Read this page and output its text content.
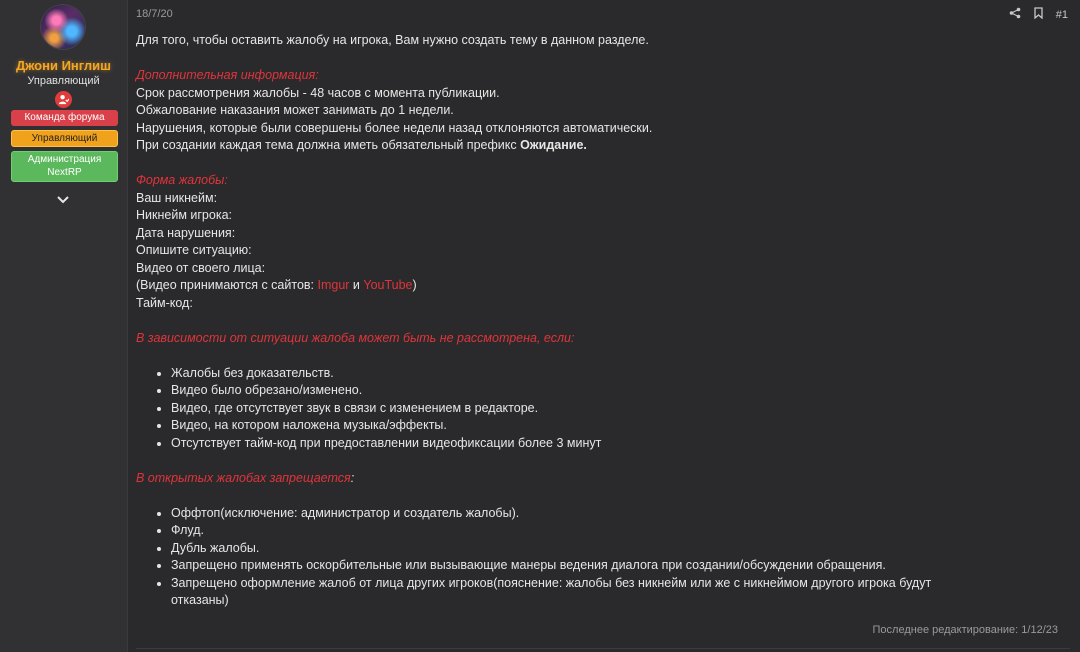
Джони Инглиш
Управляющий
Команда форума
Управляющий
Администрация NextRP
18/7/20	#1

Для того, чтобы оставить жалобу на игрока, Вам нужно создать тему в данном разделе.

Дополнительная информация:

Срок рассмотрения жалобы - 48 часов с момента публикации.

Обжалование наказания может занимать до 1 недели.

Нарушения, которые были совершены более недели назад отклоняются автоматически.

При создании каждая тема должна иметь обязательный префикс Ожидание.

Форма жалобы:

Ваш никнейм:

Никнейм игрока:

Дата нарушения:

Опишите ситуацию:

Видео от своего лица:

(Видео принимаются с сайтов: Imgur и YouTube)

Тайм-код:

В зависимости от ситуации жалоба может быть не рассмотрена, если:

• Жалобы без доказательств.
• Видео было обрезано/изменено.
• Видео, где отсутствует звук в связи с изменением в редакторе.
• Видео, на котором наложена музыка/эффекты.
• Отсутствует тайм-код при предоставлении видеофиксации более 3 минут

В открытых жалобах запрещается:

• Оффтоп(исключение: администратор и создатель жалобы).
• Флуд.
• Дубль жалобы.
• Запрещено применять оскорбительные или вызывающие манеры ведения диалога при создании/обсуждении обращения.
• Запрещено оформление жалоб от лица других игроков(пояснение: жалобы без никнейм или же с никнеймом другого игрока будут отказаны)
Последнее редактирование: 1/12/23
